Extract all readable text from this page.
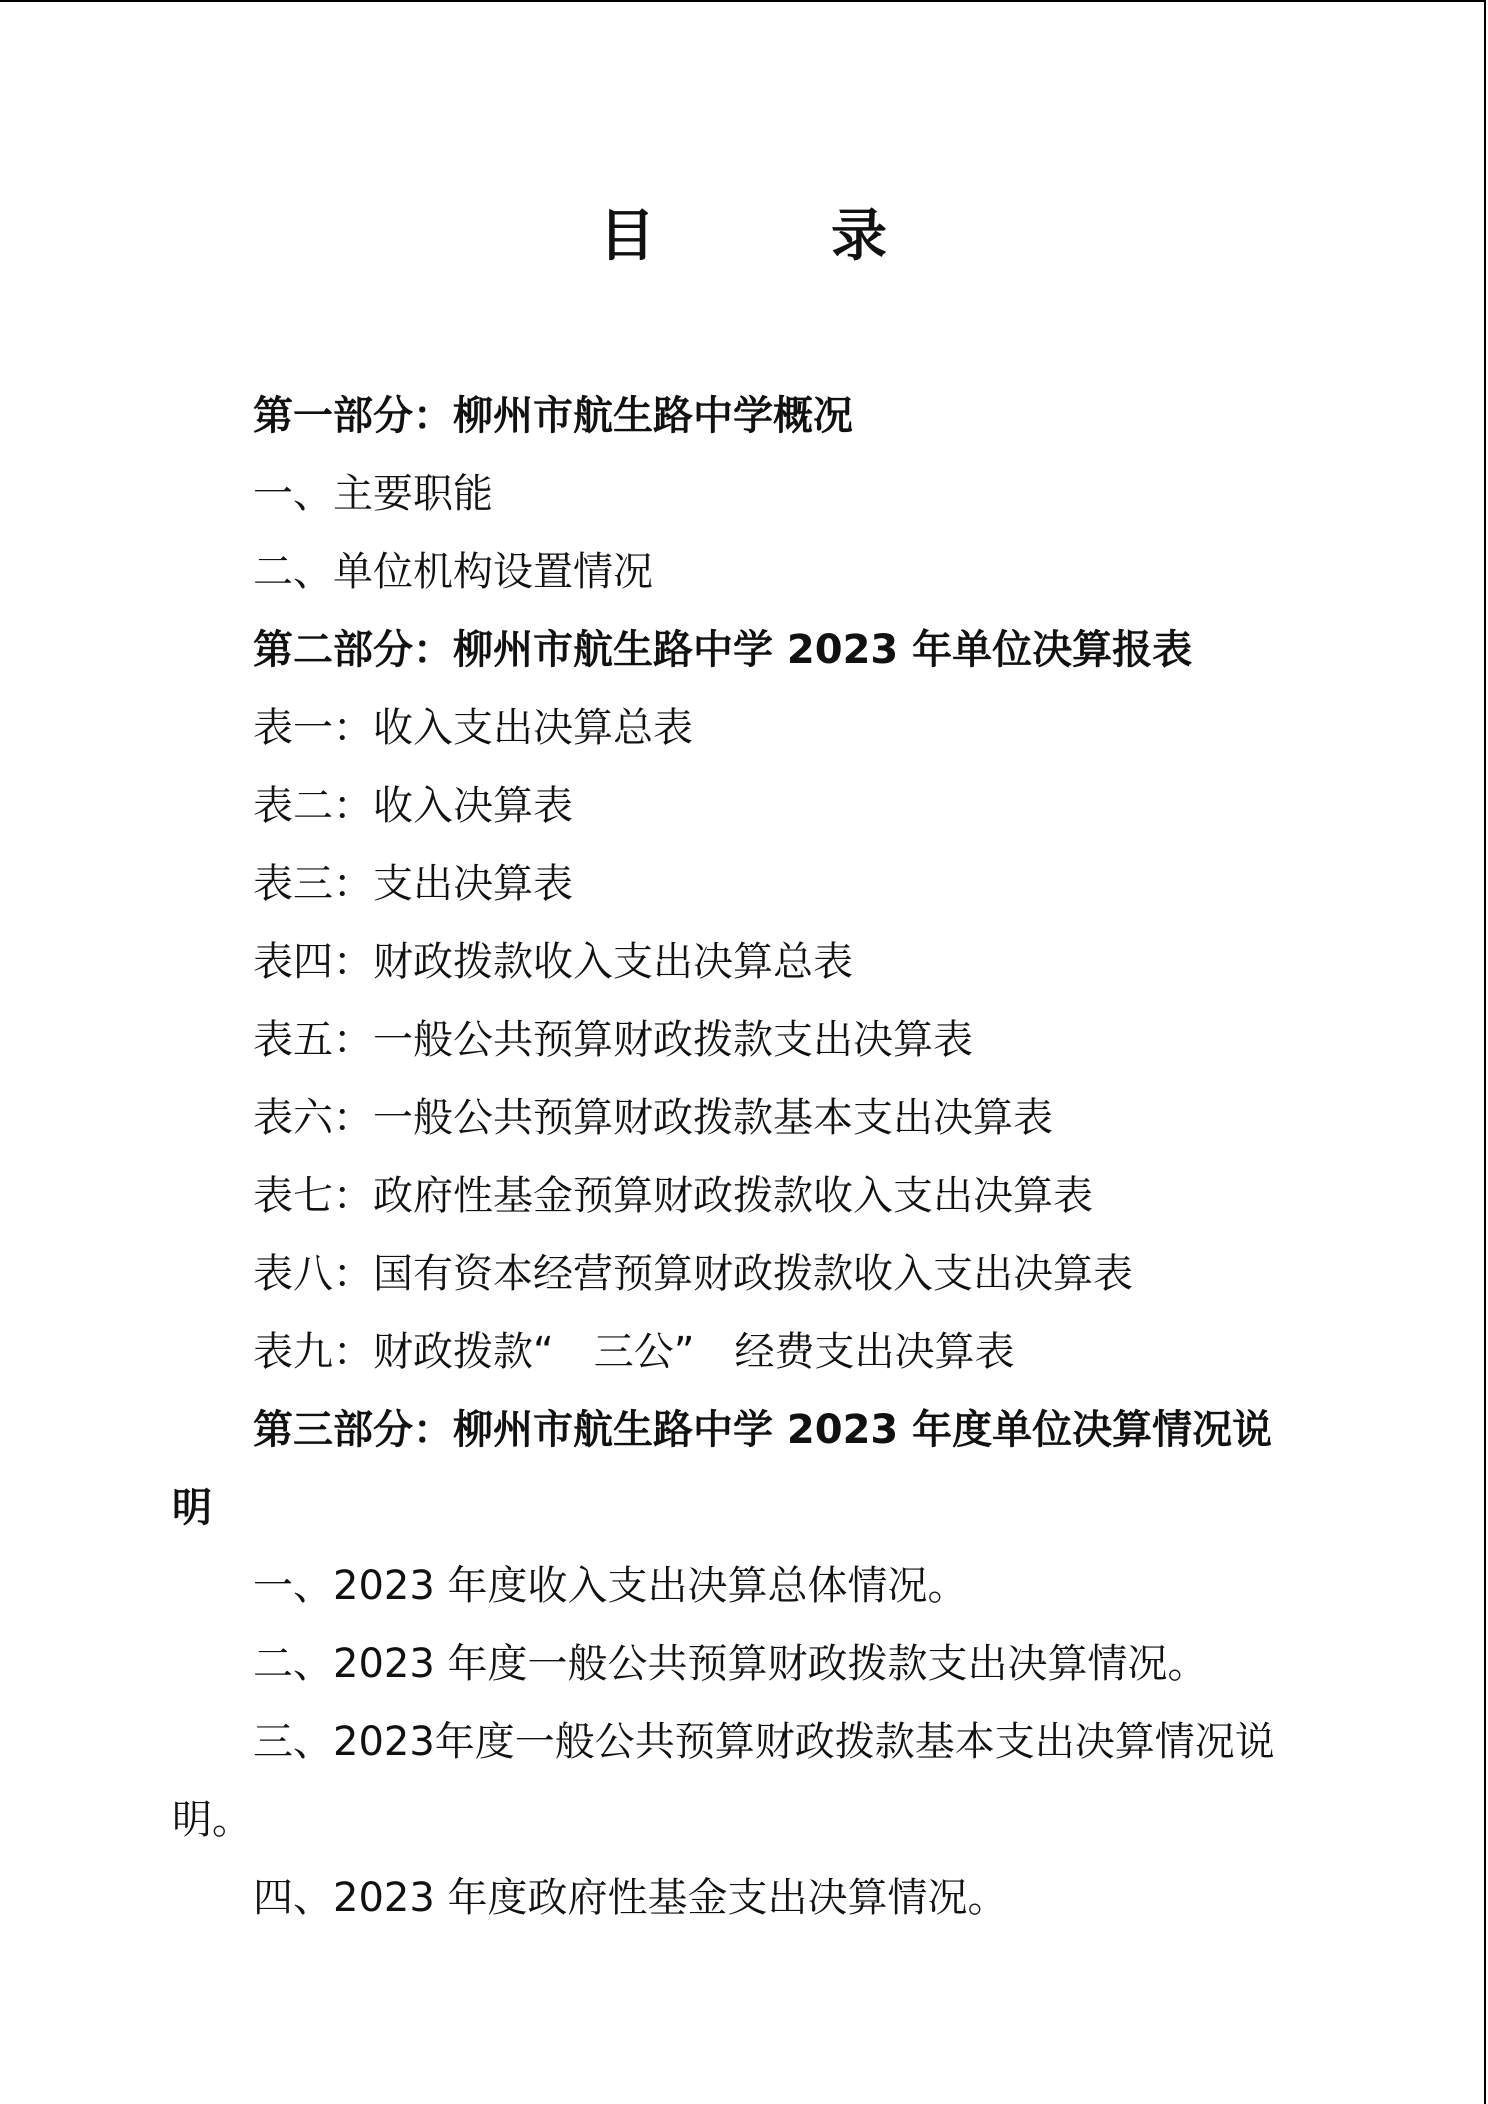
目　录
第一部分：柳州市航生路中学概况
一、主要职能
二、单位机构设置情况
第二部分：柳州市航生路中学 2023 年单位决算报表
表一：收入支出决算总表
表二：收入决算表
表三：支出决算表
表四：财政拨款收入支出决算总表
表五：一般公共预算财政拨款支出决算表
表六：一般公共预算财政拨款基本支出决算表
表七：政府性基金预算财政拨款收入支出决算表
表八：国有资本经营预算财政拨款收入支出决算表
表九：财政拨款“　三公”　经费支出决算表
第三部分：柳州市航生路中学 2023 年度单位决算情况说
明
一、2023 年度收入支出决算总体情况。
二、2023 年度一般公共预算财政拨款支出决算情况。
三、2023年度一般公共预算财政拨款基本支出决算情况说
明。
四、2023 年度政府性基金支出决算情况。
